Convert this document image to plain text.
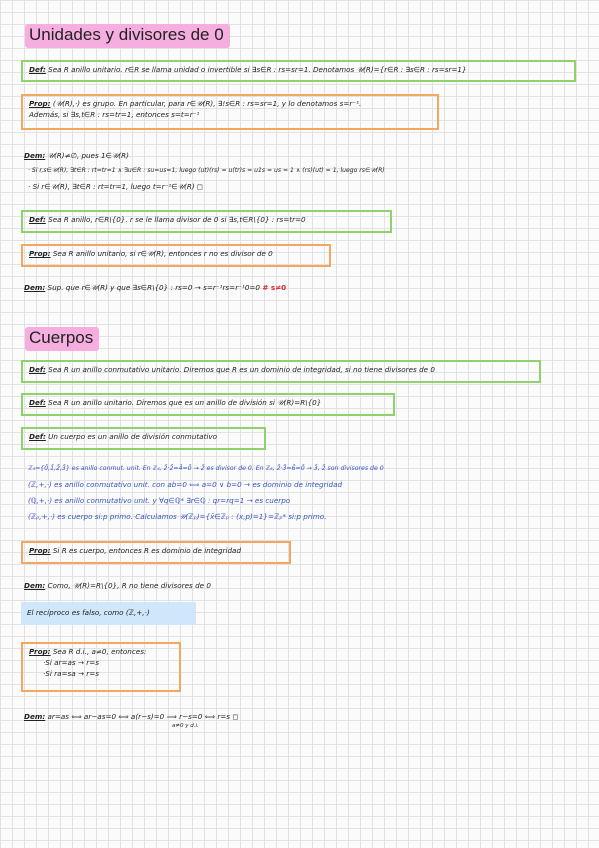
Unidades y divisores de 0
Def: Sea R anillo unitario. r∈R se llama unidad o invertible si ∃s∈R : rs=sr=1. Denotamos 𝒰(R)={r∈R : ∃s∈R : rs=sr=1}
Prop: (𝒰(R),·) es grupo. En particular, para r∈𝒰(R), ∃!s∈R : rs=sr=1, y lo denotamos s=r⁻¹.
Además, si ∃s,t∈R : rs=tr=1, entonces s=t=r⁻¹
Dem: 𝒰(R)≠∅, pues 1∈𝒰(R)
· Si r,s∈𝒰(R), ∃t∈R : rt=tr=1 ∧ ∃u∈R : su=us=1, luego (ut)(rs) = u(tr)s = u1s = us = 1 ∧ (rs)(ut) = 1, luego rs∈𝒰(R)
· Si r∈𝒰(R), ∃t∈R : rt=tr=1, luego t=r⁻¹∈𝒰(R) ◻
Def: Sea R anillo, r∈R\{0}. r se le llama divisor de 0 si ∃s,t∈R\{0} : rs=tr=0
Prop: Sea R anillo unitario, si r∈𝒰(R), entonces r no es divisor de 0
Dem: Sup. que r∈𝒰(R) y que ∃s∈R\{0} : rs=0 → s=r⁻¹rs=r⁻¹0=0 # s≠0
Cuerpos
Def: Sea R un anillo conmutativo unitario. Diremos que R es un dominio de integridad, si no tiene divisores de 0
Def: Sea R un anillo unitario. Diremos que es un anillo de división si 𝒰(R)=R\{0}
Def: Un cuerpo es un anillo de división conmutativo
ℤ₄={0̄,1̄,2̄,3̄} es anillo conmut. unit. En ℤ₄, 2̄·2̄=4̄=0̄ → 2̄ es divisor de 0. En ℤ₆, 2̄·3̄=6̄=0̄ → 3̄, 2̄ son divisores de 0
(ℤ,+,·) es anillo conmutativo unit. con ab=0 ⟺ a=0 ∨ b=0 → es dominio de integridad
(ℚ,+,·) es anillo conmutativo unit. y ∀q∈ℚ* ∃r∈ℚ : qr=rq=1 → es cuerpo
(ℤₚ,+,·) es cuerpo si:p primo. Calculamos 𝒰(ℤₚ)={x̄∈ℤₚ : (x,p)=1}=ℤₚ* si:p primo.
Prop: Si R es cuerpo, entonces R es dominio de integridad
Dem: Como, 𝒰(R)=R\{0}, R no tiene divisores de 0
El recíproco es falso, como (ℤ,+,·)
Prop: Sea R d.i., a≠0, entonces:
·Si ar=as → r=s
·Si ra=sa → r=s
Dem: ar=as ⟺ ar−as=0 ⟺ a(r−s)=0 ⟹ r−s=0 ⟺ r=s ◻
a≠0 y d.i.
